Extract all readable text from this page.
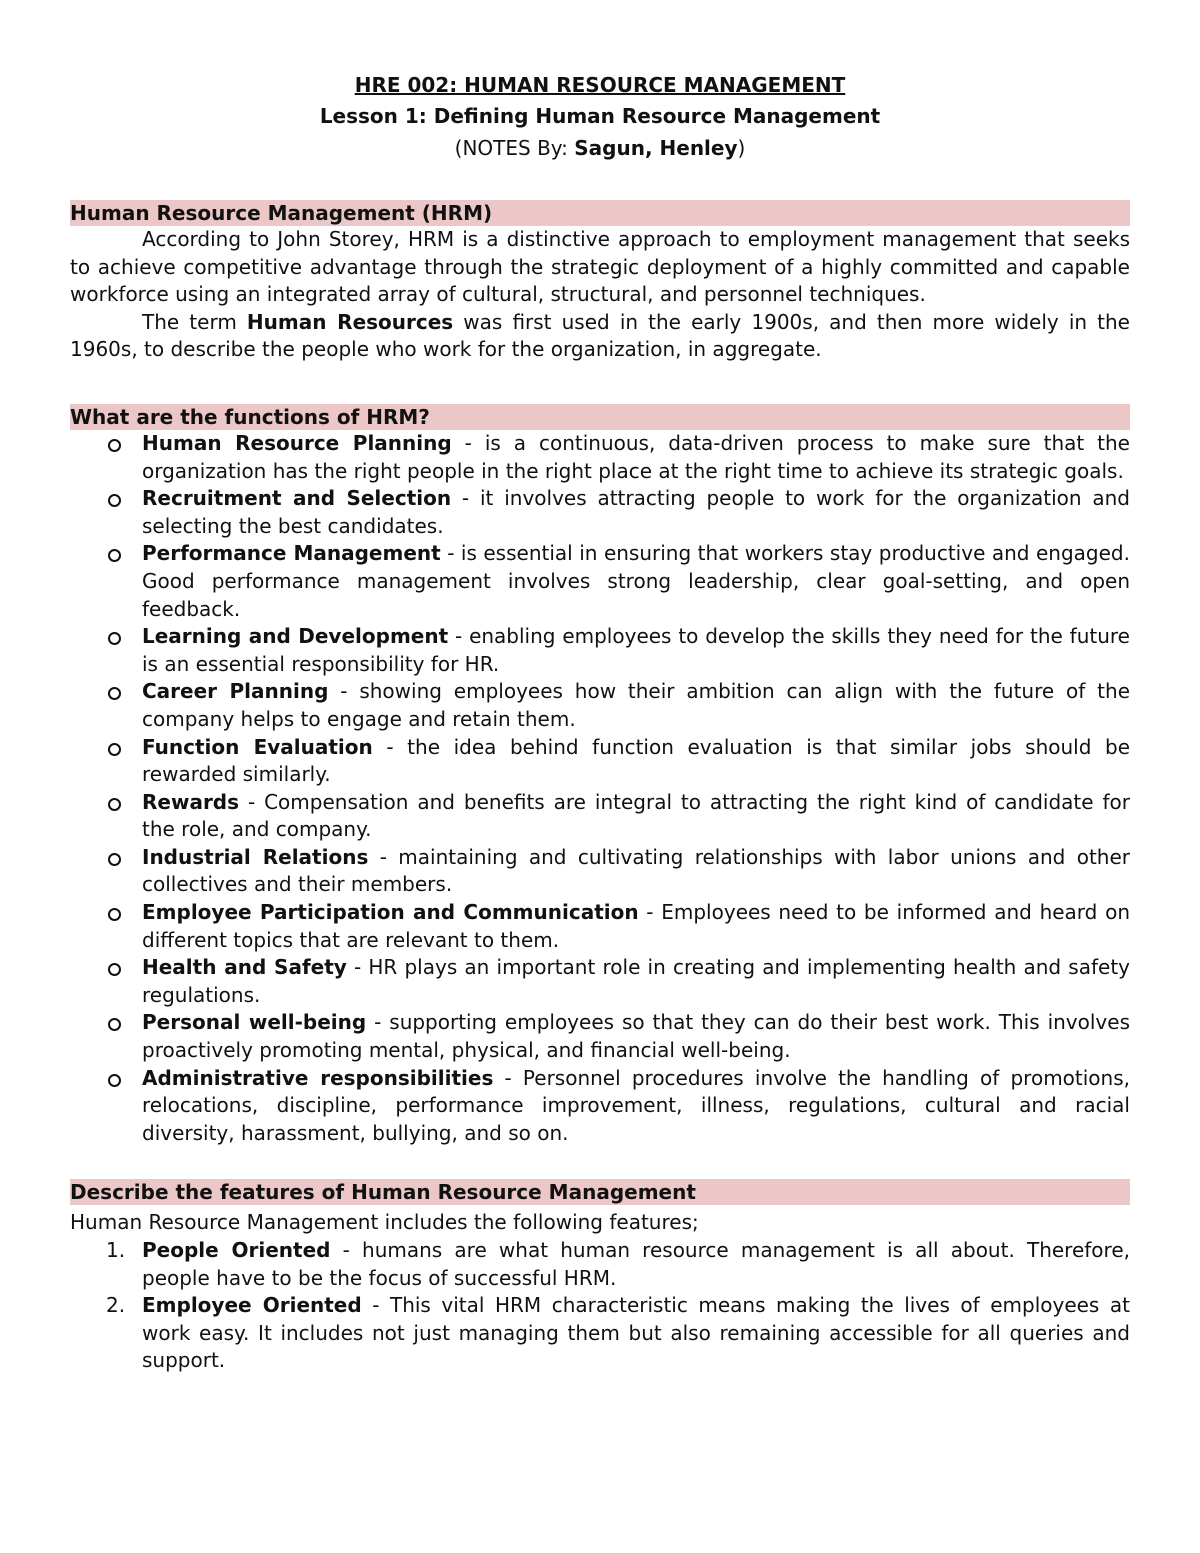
HRE 002: HUMAN RESOURCE MANAGEMENT
Lesson 1: Defining Human Resource Management
(NOTES By: Sagun, Henley)
Human Resource Management (HRM)

According to John Storey, HRM is a distinctive approach to employment management that seeks to achieve competitive advantage through the strategic deployment of a highly committed and capable workforce using an integrated array of cultural, structural, and personnel techniques.

The term Human Resources was first used in the early 1900s, and then more widely in the 1960s, to describe the people who work for the organization, in aggregate.

What are the functions of HRM?
Human Resource Planning - is a continuous, data-driven process to make sure that the organization has the right people in the right place at the right time to achieve its strategic goals.
Recruitment and Selection - it involves attracting people to work for the organization and selecting the best candidates.
Performance Management - is essential in ensuring that workers stay productive and engaged. Good performance management involves strong leadership, clear goal-setting, and open feedback.
Learning and Development - enabling employees to develop the skills they need for the future is an essential responsibility for HR.
Career Planning - showing employees how their ambition can align with the future of the company helps to engage and retain them.
Function Evaluation - the idea behind function evaluation is that similar jobs should be rewarded similarly.
Rewards - Compensation and benefits are integral to attracting the right kind of candidate for the role, and company.
Industrial Relations - maintaining and cultivating relationships with labor unions and other collectives and their members.
Employee Participation and Communication - Employees need to be informed and heard on different topics that are relevant to them.
Health and Safety - HR plays an important role in creating and implementing health and safety regulations.
Personal well-being - supporting employees so that they can do their best work. This involves proactively promoting mental, physical, and financial well-being.
Administrative responsibilities - Personnel procedures involve the handling of promotions, relocations, discipline, performance improvement, illness, regulations, cultural and racial diversity, harassment, bullying, and so on.
Describe the features of Human Resource Management

Human Resource Management includes the following features;

1. People Oriented - humans are what human resource management is all about. Therefore, people have to be the focus of successful HRM.
2. Employee Oriented - This vital HRM characteristic means making the lives of employees at work easy. It includes not just managing them but also remaining accessible for all queries and support.
